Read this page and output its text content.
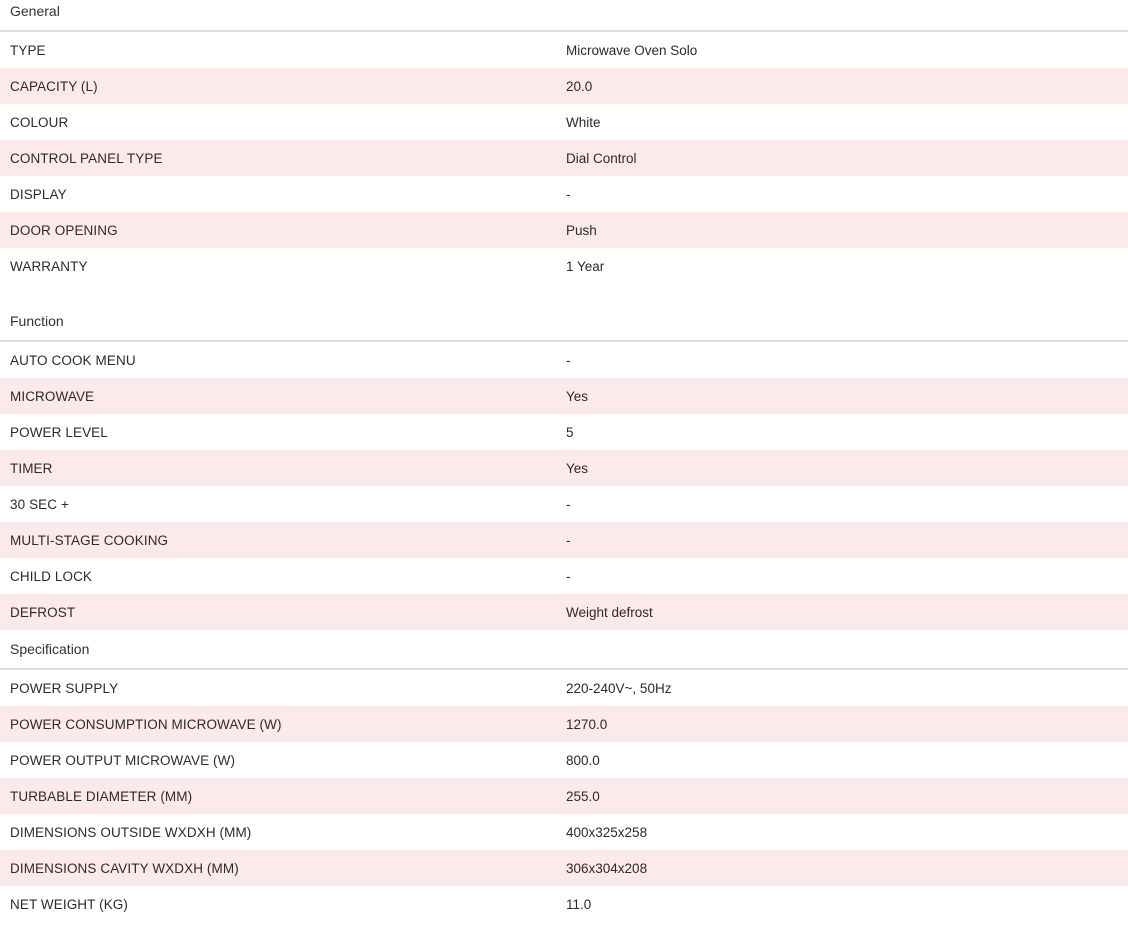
General
TYPE	Microwave Oven Solo
CAPACITY (L)	20.0
COLOUR	White
CONTROL PANEL TYPE	Dial Control
DISPLAY	-
DOOR OPENING	Push
WARRANTY	1 Year
Function
AUTO COOK MENU	-
MICROWAVE	Yes
POWER LEVEL	5
TIMER	Yes
30 SEC +	-
MULTI-STAGE COOKING	-
CHILD LOCK	-
DEFROST	Weight defrost
Specification
POWER SUPPLY	220-240V~, 50Hz
POWER CONSUMPTION MICROWAVE (W)	1270.0
POWER OUTPUT MICROWAVE (W)	800.0
TURBABLE DIAMETER (MM)	255.0
DIMENSIONS OUTSIDE WXDXH (MM)	400x325x258
DIMENSIONS CAVITY WXDXH (MM)	306x304x208
NET WEIGHT (KG)	11.0
